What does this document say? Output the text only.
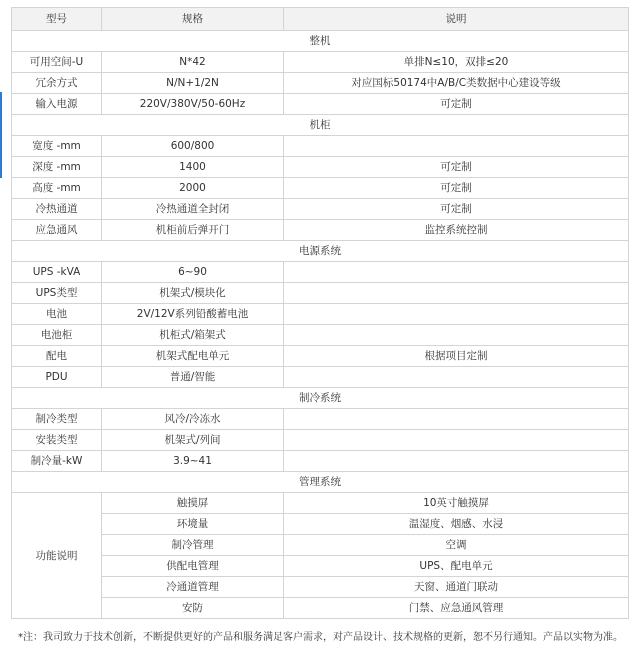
型号	规格	说明
整机		
可用空间-U	N*42	单排N≤10，双排≤20
冗余方式	N/N+1/2N	对应国标50174中A/B/C类数据中心建设等级
输入电源	220V/380V/50-60Hz	可定制
机柜		
宽度 -mm	600/800	
深度 -mm	1400	可定制
高度 -mm	2000	可定制
冷热通道	冷热通道全封闭	可定制
应急通风	机柜前后弹开门	监控系统控制
电源系统		
UPS -kVA	6~90	
UPS类型	机架式/模块化	
电池	2V/12V系列铅酸蓄电池	
电池柜	机柜式/箱架式	
配电	机架式配电单元	根据项目定制
PDU	普通/智能	
制冷系统		
制冷类型	风冷/冷冻水	
安装类型	机架式/列间	
制冷量-kW	3.9~41	
管理系统		
功能说明	触摸屏	10英寸触摸屏
	环境量	温湿度、烟感、水浸
	制冷管理	空调
	供配电管理	UPS、配电单元
	冷通道管理	天窗、通道门联动
	安防	门禁、应急通风管理
*注：我司致力于技术创新，不断提供更好的产品和服务满足客户需求，对产品设计、技术规格的更新，恕不另行通知。产品以实物为准。
